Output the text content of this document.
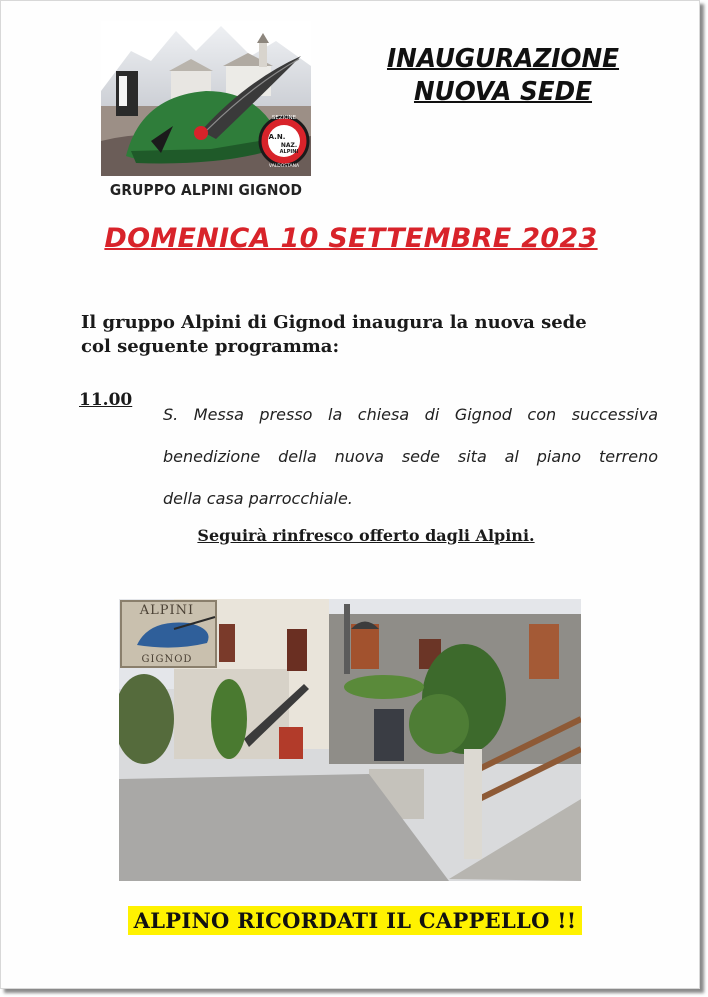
SEZIONE
A.N.
NAZ.
ALPINI
VALDOSTANA
GRUPPO ALPINI GIGNOD
INAUGURAZIONE
NUOVA SEDE
DOMENICA 10 SETTEMBRE 2023
Il gruppo Alpini di Gignod inaugura la nuova sede
col seguente programma:
11.00
S. Messa presso la chiesa di Gignod con successiva
benedizione della nuova sede sita al piano terreno
della casa parrocchiale.
Seguirà rinfresco offerto dagli Alpini.
ALPINI
GIGNOD
ALPINO RICORDATI IL CAPPELLO !!
